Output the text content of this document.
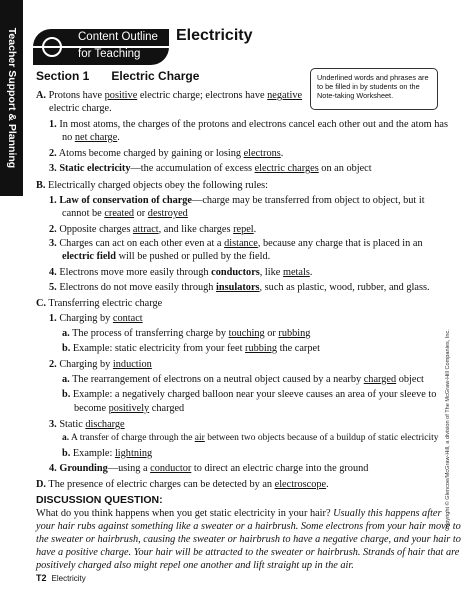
Teacher Support & Planning	Content Outline
for Teaching
Electricity
Section 1 Electric Charge	Underlined words and phrases are to be filled in by students on the Note-taking Worksheet.
A. Protons have positive electric charge; electrons have negative
electric charge.
1. In most atoms, the charges of the protons and electrons cancel each other out and the atom has
no net charge.
2. Atoms become charged by gaining or losing electrons.
3. Static electricity—the accumulation of excess electric charges on an object
B. Electrically charged objects obey the following rules:
1. Law of conservation of charge—charge may be transferred from object to object, but it
cannot be created or destroyed
2. Opposite charges attract, and like charges repel.
3. Charges can act on each other even at a distance, because any charge that is placed in an
electric field will be pushed or pulled by the field.
4. Electrons move more easily through conductors, like metals.
5. Electrons do not move easily through insulators, such as plastic, wood, rubber, and glass.
C. Transferring electric charge
1. Charging by contact
a. The process of transferring charge by touching or rubbing
b. Example: static electricity from your feet rubbing the carpet
2. Charging by induction
a. The rearrangement of electrons on a neutral object caused by a nearby charged object
b. Example: a negatively charged balloon near your sleeve causes an area of your sleeve to
become positively charged
3. Static discharge
a. A transfer of charge through the air between two objects because of a buildup of static electricity
b. Example: lightning
4. Grounding—using a conductor to direct an electric charge into the ground
D. The presence of electric charges can be detected by an electroscope.
DISCUSSION QUESTION:
What do you think happens when you get static electricity in your hair? Usually this happens after
your hair rubs against something like a sweater or a hairbrush. Some electrons from your hair move to
the sweater or hairbrush, causing the sweater or hairbrush to have a negative charge, and your hair to
have a positive charge. Your hair will be attracted to the sweater or hairbrush. Strands of hair that are
positively charged also might repel one another and lift straight up in the air.
Copyright © Glencoe/McGraw-Hill, a division of The McGraw-Hill Companies, Inc.
T2 Electricity
